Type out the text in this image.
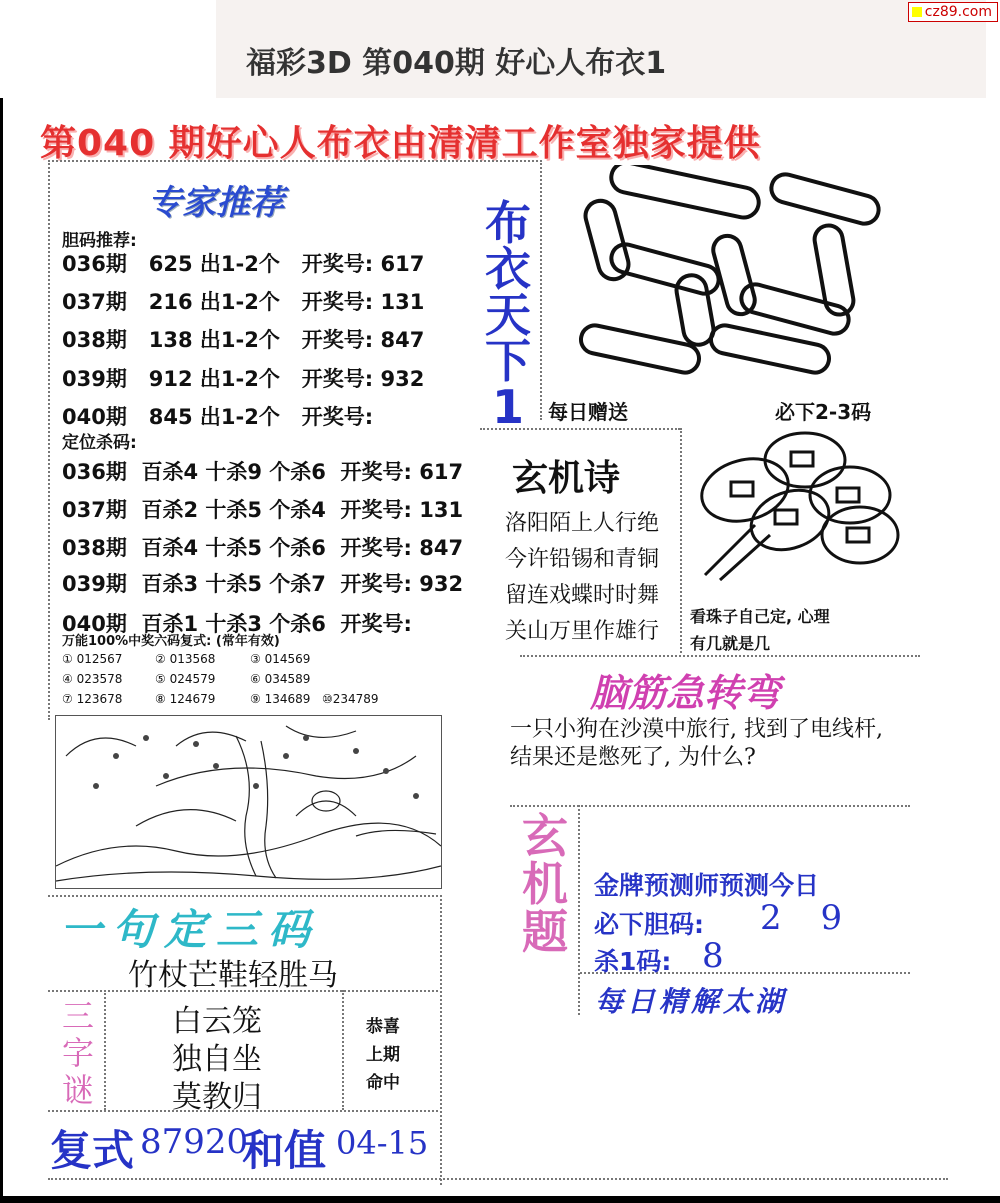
福彩3D 第040期 好心人布衣1
cz89.com
第040 期好心人布衣由清清工作室独家提供
专家推荐
胆码推荐:
036期   625 出1-2个   开奖号: 617
037期   216 出1-2个   开奖号: 131
038期   138 出1-2个   开奖号: 847
039期   912 出1-2个   开奖号: 932
040期   845 出1-2个   开奖号:
定位杀码:
036期  百杀4 十杀9 个杀6  开奖号: 617
037期  百杀2 十杀5 个杀4  开奖号: 131
038期  百杀4 十杀5 个杀6  开奖号: 847
039期  百杀3 十杀5 个杀7  开奖号: 932
040期  百杀1 十杀3 个杀6  开奖号:
万能100%中奖六码复式: (常年有效)
① 012567	② 013568	③ 014569
④ 023578	⑤ 024579	⑥ 034589
⑦ 123678	⑧ 124679	⑨ 134689 ⑩234789
布
衣
天
下
1	每日赠送	必下2-3码
玄机诗
洛阳陌上人行绝
今许铅锡和青铜
留连戏蝶时时舞
关山万里作雄行
看珠子自己定, 心理
有几就是几
脑筋急转弯
一只小狗在沙漠中旅行, 找到了电线杆, 结果还是憋死了, 为什么?
玄
机
题
金牌预测师预测今日
必下胆码: 2 9
杀1码: 8
每日精解太湖
一句定三码
竹杖芒鞋轻胜马
三
字
谜
白云笼
独自坐
莫教归
恭喜
上期
命中
复式 87920
和值 04-15
